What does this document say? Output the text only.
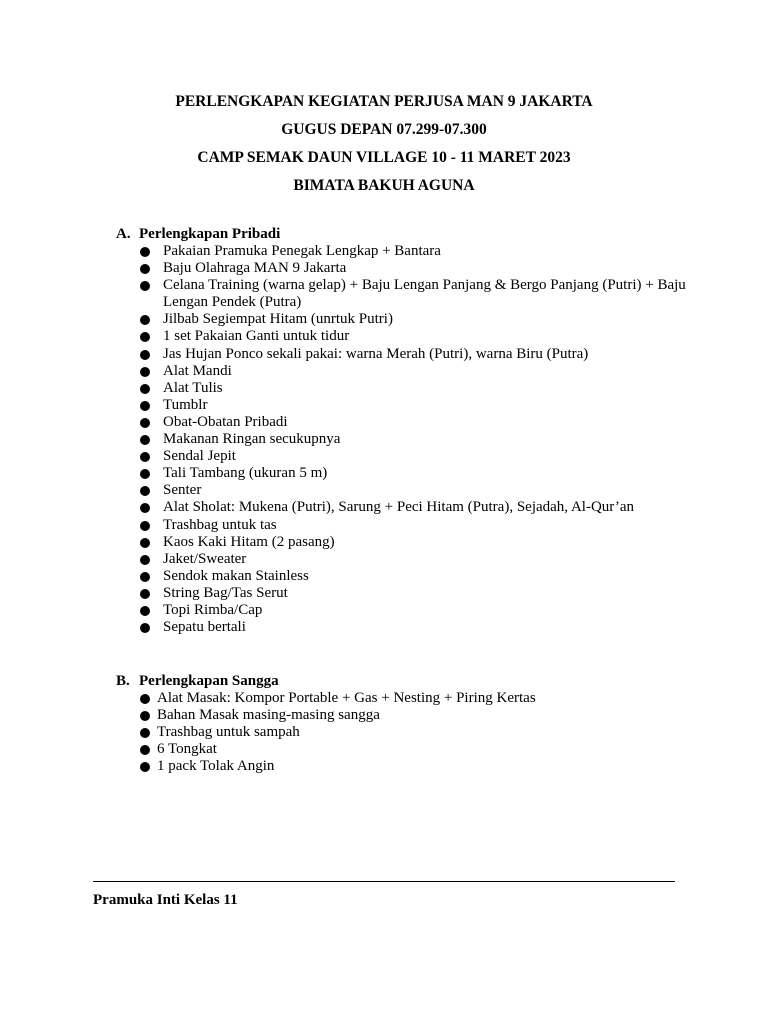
PERLENGKAPAN KEGIATAN PERJUSA MAN 9 JAKARTA
GUGUS DEPAN 07.299-07.300
CAMP SEMAK DAUN VILLAGE 10 - 11 MARET 2023
BIMATA BAKUH AGUNA
A. Perlengkapan Pribadi
Pakaian Pramuka Penegak Lengkap + Bantara
Baju Olahraga MAN 9 Jakarta
Celana Training (warna gelap) + Baju Lengan Panjang & Bergo Panjang (Putri) + Baju Lengan Pendek (Putra)
Jilbab Segiempat Hitam (unrtuk Putri)
1 set Pakaian Ganti untuk tidur
Jas Hujan Ponco sekali pakai: warna Merah (Putri), warna Biru (Putra)
Alat Mandi
Alat Tulis
Tumblr
Obat-Obatan Pribadi
Makanan Ringan secukupnya
Sendal Jepit
Tali Tambang (ukuran 5 m)
Senter
Alat Sholat: Mukena (Putri), Sarung + Peci Hitam (Putra), Sejadah, Al-Qur’an
Trashbag untuk tas
Kaos Kaki Hitam (2 pasang)
Jaket/Sweater
Sendok makan Stainless
String Bag/Tas Serut
Topi Rimba/Cap
Sepatu bertali
B. Perlengkapan Sangga
Alat Masak: Kompor Portable + Gas + Nesting + Piring Kertas
Bahan Masak masing-masing sangga
Trashbag untuk sampah
6 Tongkat
1 pack Tolak Angin
Pramuka Inti Kelas 11
